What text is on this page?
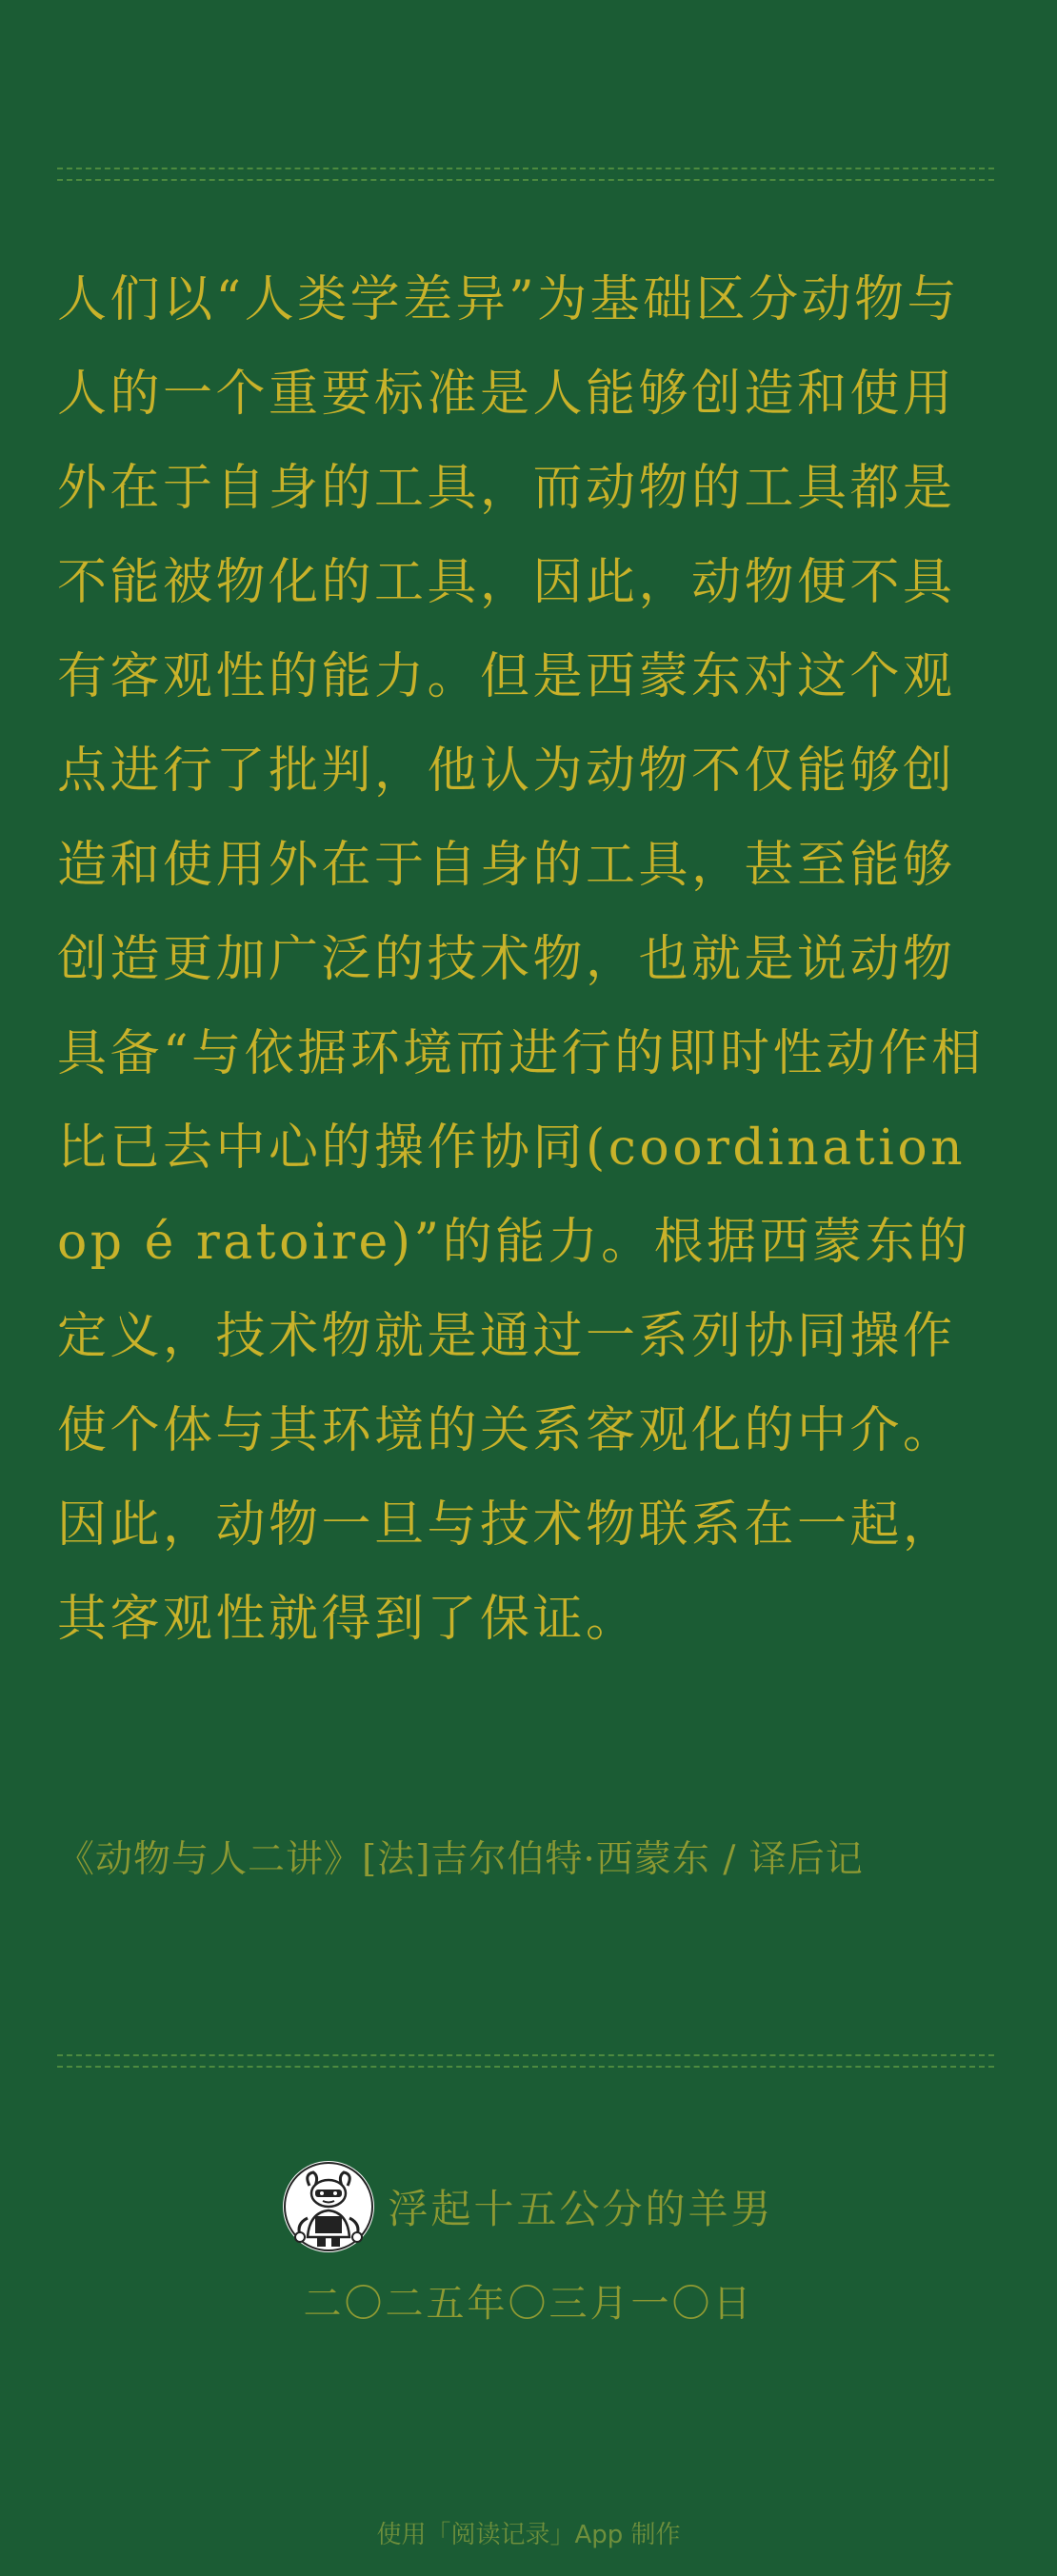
人们以“人类学差异”为基础区分动物与人的一个重要标准是人能够创造和使用外在于自身的工具，而动物的工具都是不能被物化的工具，因此，动物便不具有客观性的能力。但是西蒙东对这个观点进行了批判，他认为动物不仅能够创造和使用外在于自身的工具，甚至能够创造更加广泛的技术物，也就是说动物具备“与依据环境而进行的即时性动作相比已去中心的操作协同(coordination op é ratoire)”的能力。根据西蒙东的定义，技术物就是通过一系列协同操作使个体与其环境的关系客观化的中介。因此，动物一旦与技术物联系在一起，其客观性就得到了保证。

《动物与人二讲》[法]吉尔伯特·西蒙东 / 译后记
浮起十五公分的羊男
二〇二五年〇三月一〇日
使用「阅读记录」App 制作
